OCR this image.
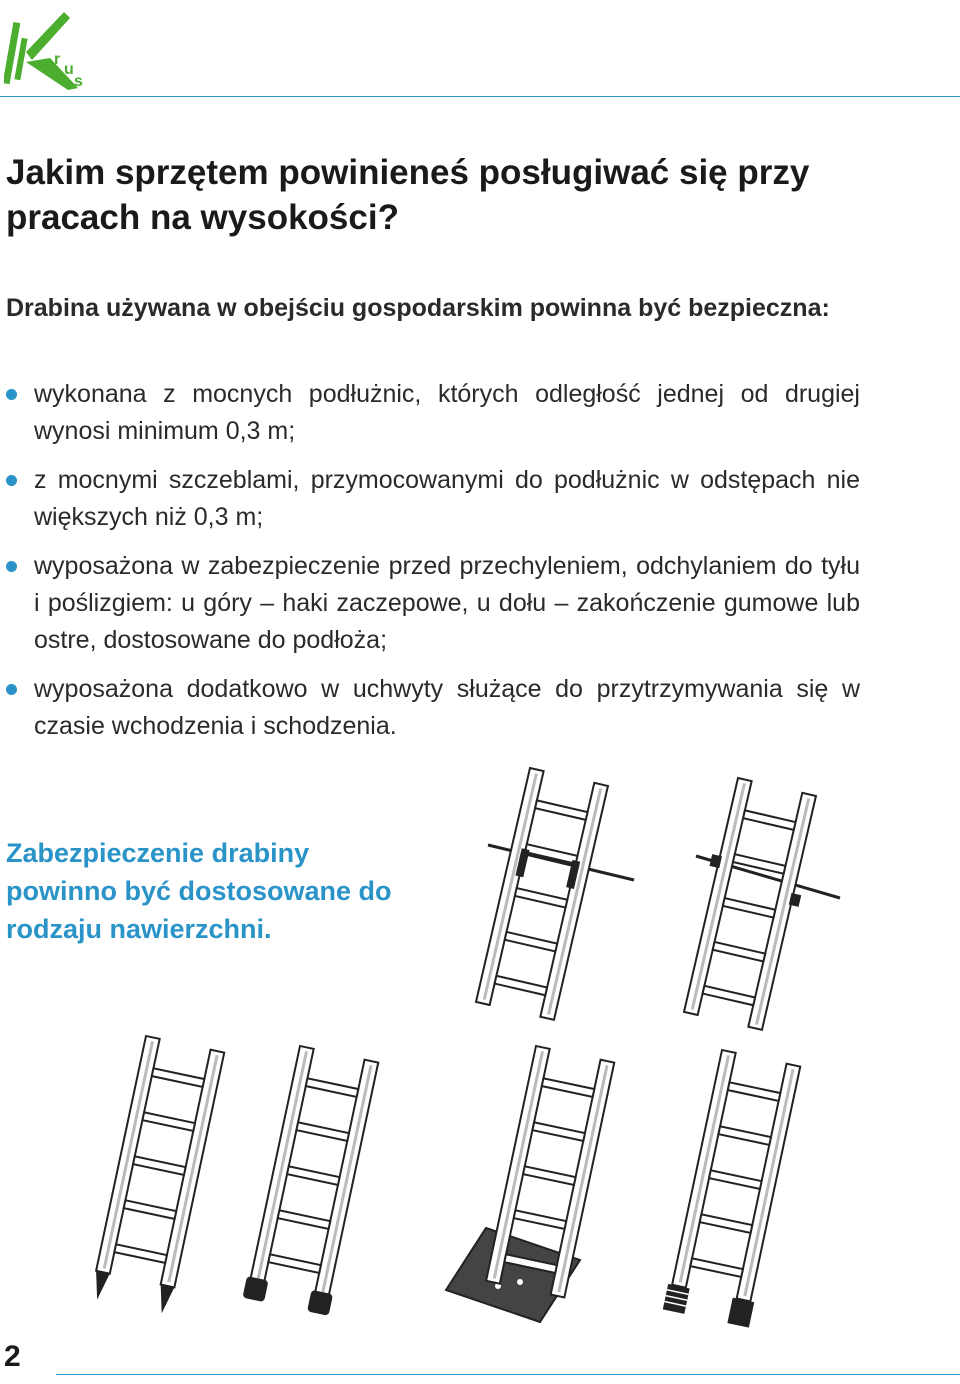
r
u
s
Jakim sprzętem powinieneś posługiwać się przy pracach na wysokości?

Drabina używana w obejściu gospodarskim powinna być bezpieczna:

wykonana z mocnych podłużnic, których odległość jednej od drugiej wynosi minimum 0,3 m;
z mocnymi szczeblami, przymocowanymi do podłużnic w odstępach nie większych niż 0,3 m;
wyposażona w zabezpieczenie przed przechyleniem, odchylaniem do tyłu i poślizgiem: u góry – haki zaczepowe, u dołu – zakończenie gumowe lub ostre, dostosowane do podłoża;
wyposażona dodatkowo w uchwyty służące do przytrzymywania się w czasie wchodzenia i schodzenia.

Zabezpieczenie drabiny powinno być dostosowane do rodzaju nawierzchni.

2
